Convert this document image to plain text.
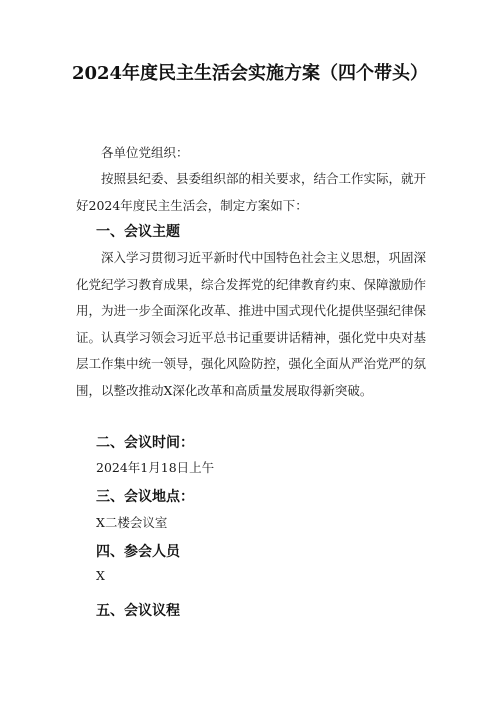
2024年度民主生活会实施方案（四个带头）
各单位党组织：
按照县纪委、县委组织部的相关要求，结合工作实际，就开好2024年度民主生活会，制定方案如下：
一、会议主题
深入学习贯彻习近平新时代中国特色社会主义思想，巩固深化党纪学习教育成果，综合发挥党的纪律教育约束、保障激励作用，为进一步全面深化改革、推进中国式现代化提供坚强纪律保证。认真学习领会习近平总书记重要讲话精神，强化党中央对基层工作集中统一领导，强化风险防控，强化全面从严治党严的氛围，以整改推动X深化改革和高质量发展取得新突破。
二、会议时间：
2024年1月18日上午
三、会议地点：
X二楼会议室
四、参会人员
X
五、会议议程
